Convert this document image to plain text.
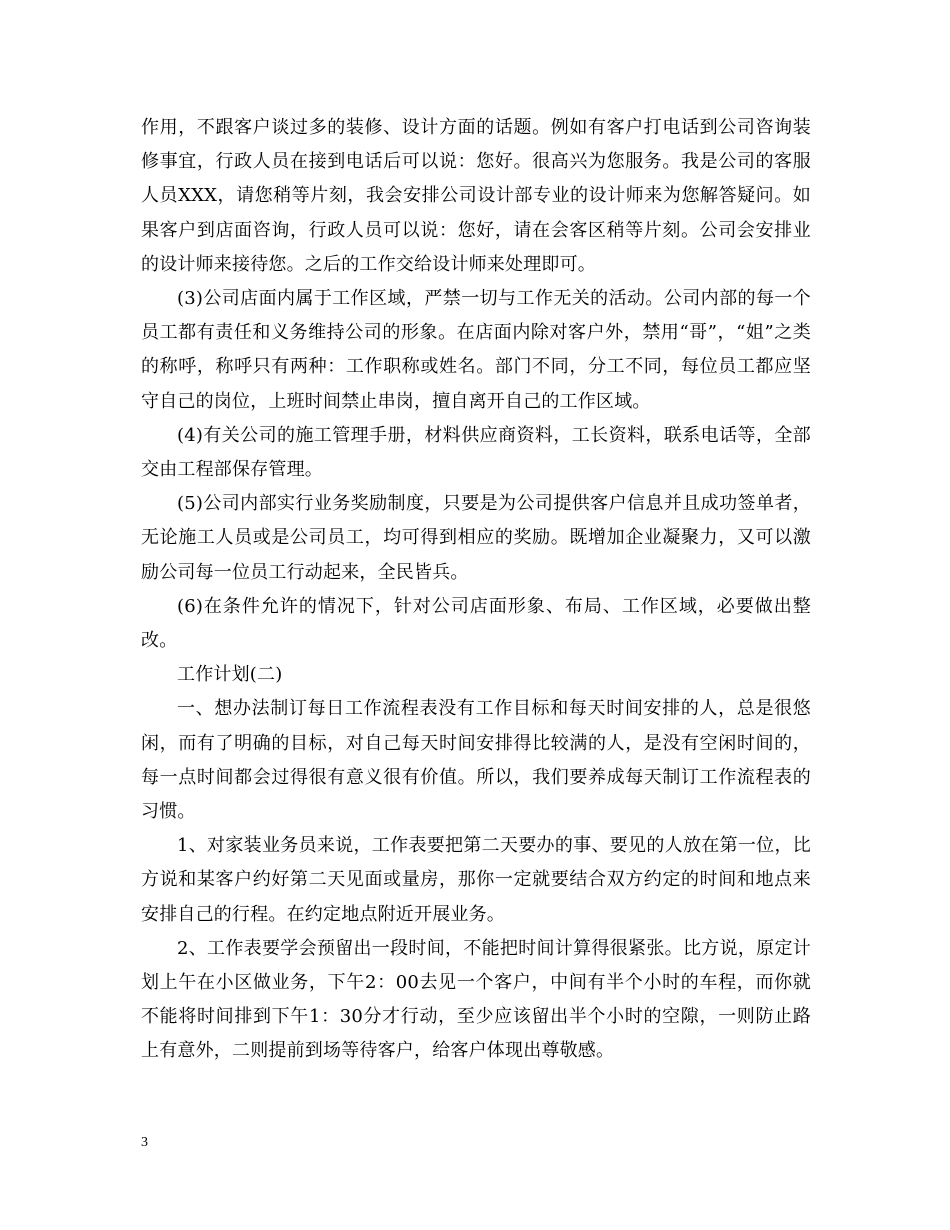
作用，不跟客户谈过多的装修、设计方面的话题。例如有客户打电话到公司咨询装修事宜，行政人员在接到电话后可以说：您好。很高兴为您服务。我是公司的客服人员XXX，请您稍等片刻，我会安排公司设计部专业的设计师来为您解答疑问。如果客户到店面咨询，行政人员可以说：您好，请在会客区稍等片刻。公司会安排业的设计师来接待您。之后的工作交给设计师来处理即可。

(3)公司店面内属于工作区域，严禁一切与工作无关的活动。公司内部的每一个员工都有责任和义务维持公司的形象。在店面内除对客户外，禁用“哥”，“姐”之类的称呼，称呼只有两种：工作职称或姓名。部门不同，分工不同，每位员工都应坚守自己的岗位，上班时间禁止串岗，擅自离开自己的工作区域。

(4)有关公司的施工管理手册，材料供应商资料，工长资料，联系电话等，全部交由工程部保存管理。

(5)公司内部实行业务奖励制度，只要是为公司提供客户信息并且成功签单者，无论施工人员或是公司员工，均可得到相应的奖励。既增加企业凝聚力，又可以激励公司每一位员工行动起来，全民皆兵。

(6)在条件允许的情况下，针对公司店面形象、布局、工作区域，必要做出整改。

工作计划(二)

一、想办法制订每日工作流程表没有工作目标和每天时间安排的人，总是很悠闲，而有了明确的目标，对自己每天时间安排得比较满的人，是没有空闲时间的，每一点时间都会过得很有意义很有价值。所以，我们要养成每天制订工作流程表的习惯。

1、对家装业务员来说，工作表要把第二天要办的事、要见的人放在第一位，比方说和某客户约好第二天见面或量房，那你一定就要结合双方约定的时间和地点来安排自己的行程。在约定地点附近开展业务。

2、工作表要学会预留出一段时间，不能把时间计算得很紧张。比方说，原定计划上午在小区做业务，下午2：00去见一个客户，中间有半个小时的车程，而你就不能将时间排到下午1：30分才行动，至少应该留出半个小时的空隙，一则防止路上有意外，二则提前到场等待客户，给客户体现出尊敬感。

3
